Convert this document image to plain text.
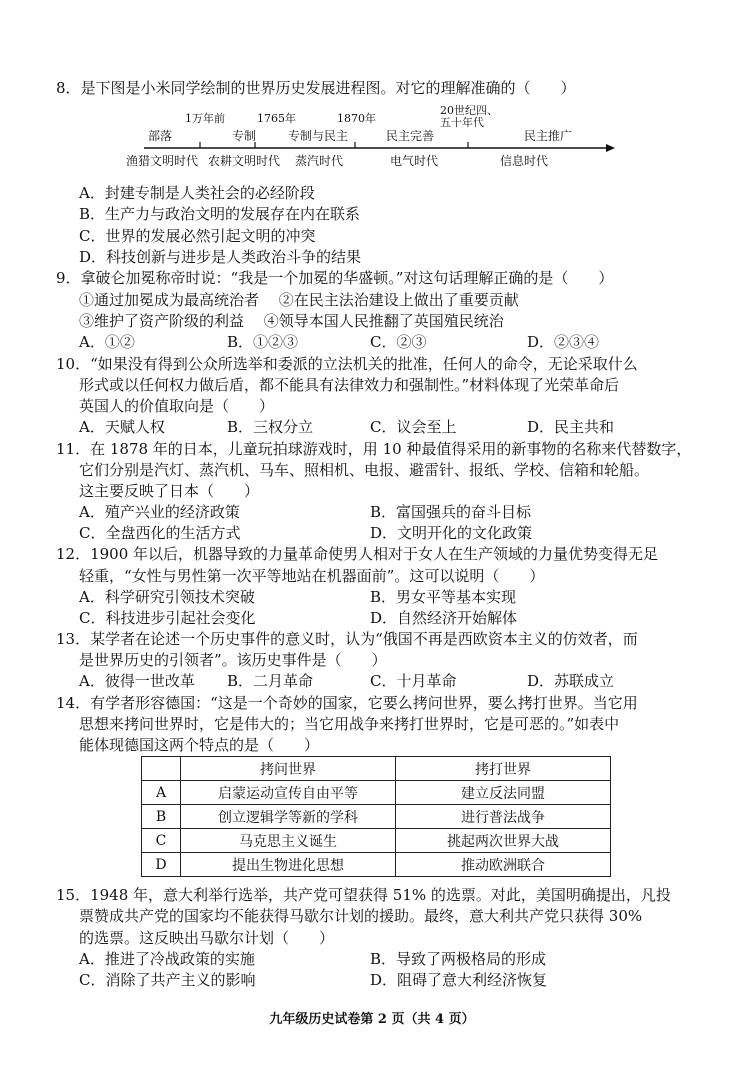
8．是下图是小米同学绘制的世界历史发展进程图。对它的理解准确的（　　）
1万年前	1765年	1870年
20世纪四、
五十年代
部落	专制	专制与民主	民主完善	民主推广
渔猎文明时代 农耕文明时代 蒸汽时代	电气时代	信息时代
A．封建专制是人类社会的必经阶段
B．生产力与政治文明的发展存在内在联系
C．世界的发展必然引起文明的冲突
D．科技创新与进步是人类政治斗争的结果
9．拿破仑加冕称帝时说：“我是一个加冕的华盛顿。”对这句话理解正确的是（　　）
①通过加冕成为最高统治者　 ②在民主法治建设上做出了重要贡献
③维护了资产阶级的利益　 ④领导本国人民推翻了英国殖民统治
A．①②	B．①②③	C．②③	D．②③④
10．“如果没有得到公众所选举和委派的立法机关的批准，任何人的命令，无论采取什么
形式或以任何权力做后盾，都不能具有法律效力和强制性。”材料体现了光荣革命后
英国人的价值取向是（　　）
A．天赋人权	B．三权分立	C．议会至上	D．民主共和
11．在 1878 年的日本，儿童玩拍球游戏时，用 10 种最值得采用的新事物的名称来代替数字，
它们分别是汽灯、蒸汽机、马车、照相机、电报、避雷针、报纸、学校、信箱和轮船。
这主要反映了日本（　　）
A．殖产兴业的经济政策	B．富国强兵的奋斗目标
C．全盘西化的生活方式	D．文明开化的文化政策
12．1900 年以后，机器导致的力量革命使男人相对于女人在生产领域的力量优势变得无足
轻重，“女性与男性第一次平等地站在机器面前”。这可以说明（　　）
A．科学研究引领技术突破	B．男女平等基本实现
C．科技进步引起社会变化	D．自然经济开始解体
13．某学者在论述一个历史事件的意义时，认为“俄国不再是西欧资本主义的仿效者，而
是世界历史的引领者”。该历史事件是（　　）
A．彼得一世改革 B．二月革命	C．十月革命	D．苏联成立
14．有学者形容德国：“这是一个奇妙的国家，它要么拷问世界，要么拷打世界。当它用
思想来拷问世界时，它是伟大的；当它用战争来拷打世界时，它是可恶的。”如表中
能体现德国这两个特点的是（　　）
	拷问世界	拷打世界
A	启蒙运动宣传自由平等	建立反法同盟
B	创立逻辑学等新的学科	进行普法战争
C	马克思主义诞生	挑起两次世界大战
D	提出生物进化思想	推动欧洲联合
15．1948 年，意大利举行选举，共产党可望获得 51% 的选票。对此，美国明确提出，凡投
票赞成共产党的国家均不能获得马歇尔计划的援助。最终，意大利共产党只获得 30%
的选票。这反映出马歇尔计划（　　）
A．推进了冷战政策的实施	B．导致了两极格局的形成
C．消除了共产主义的影响	D．阻碍了意大利经济恢复
九年级历史试卷第 2 页（共 4 页）
